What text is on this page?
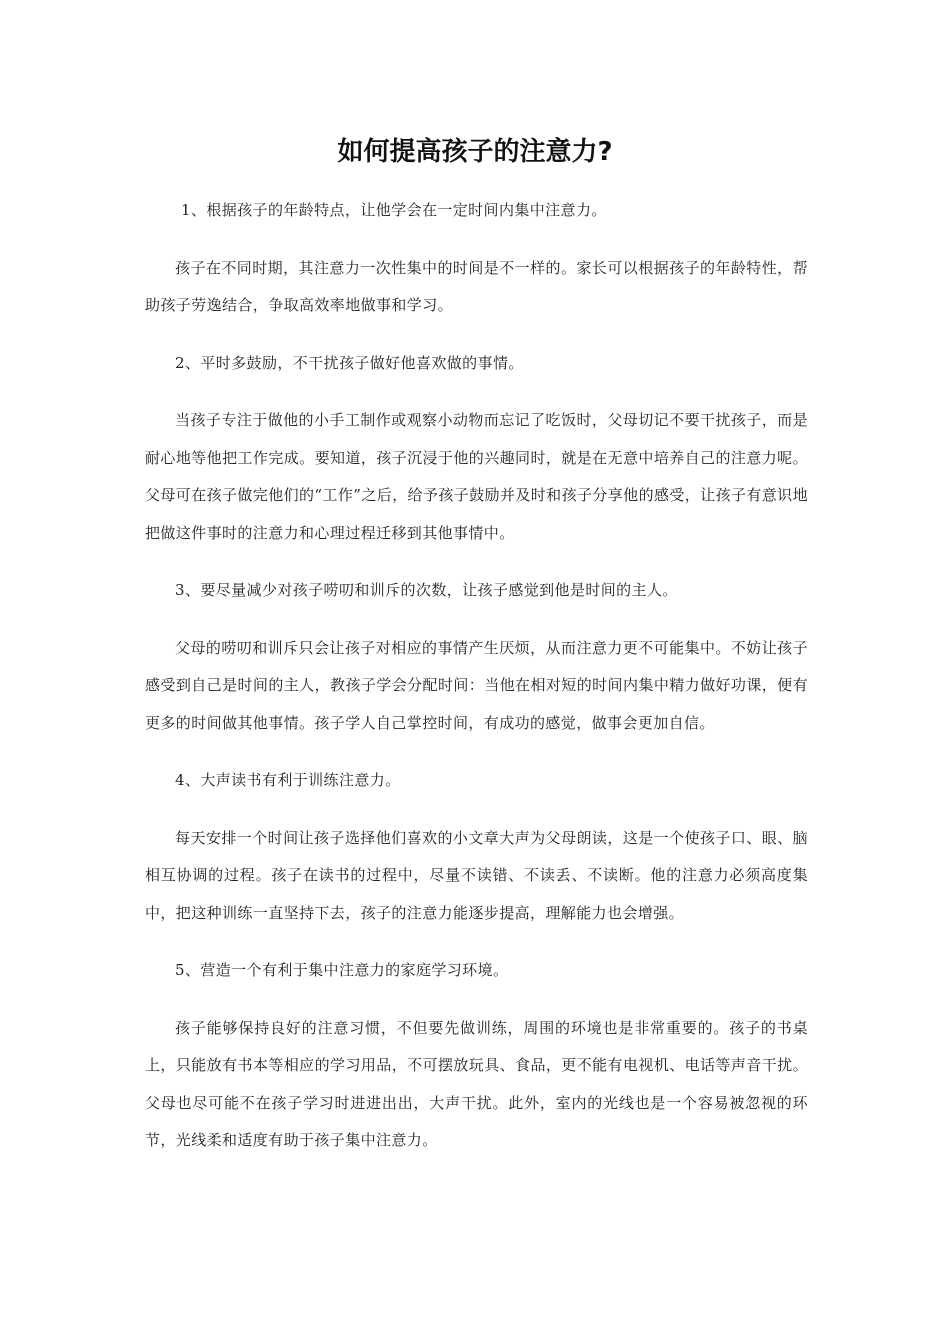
如何提高孩子的注意力?

1、根据孩子的年龄特点，让他学会在一定时间内集中注意力。

孩子在不同时期，其注意力一次性集中的时间是不一样的。家长可以根据孩子的年龄特性，帮助孩子劳逸结合，争取高效率地做事和学习。

2、平时多鼓励，不干扰孩子做好他喜欢做的事情。

当孩子专注于做他的小手工制作或观察小动物而忘记了吃饭时，父母切记不要干扰孩子，而是耐心地等他把工作完成。要知道，孩子沉浸于他的兴趣同时，就是在无意中培养自己的注意力呢。父母可在孩子做完他们的“工作”之后，给予孩子鼓励并及时和孩子分享他的感受，让孩子有意识地把做这件事时的注意力和心理过程迁移到其他事情中。

3、要尽量减少对孩子唠叨和训斥的次数，让孩子感觉到他是时间的主人。

父母的唠叨和训斥只会让孩子对相应的事情产生厌烦，从而注意力更不可能集中。不妨让孩子感受到自己是时间的主人，教孩子学会分配时间：当他在相对短的时间内集中精力做好功课，便有更多的时间做其他事情。孩子学人自己掌控时间，有成功的感觉，做事会更加自信。

4、大声读书有利于训练注意力。

每天安排一个时间让孩子选择他们喜欢的小文章大声为父母朗读，这是一个使孩子口、眼、脑相互协调的过程。孩子在读书的过程中，尽量不读错、不读丢、不读断。他的注意力必须高度集中，把这种训练一直坚持下去，孩子的注意力能逐步提高，理解能力也会增强。

5、营造一个有利于集中注意力的家庭学习环境。

孩子能够保持良好的注意习惯，不但要先做训练，周围的环境也是非常重要的。孩子的书桌上，只能放有书本等相应的学习用品，不可摆放玩具、食品，更不能有电视机、电话等声音干扰。父母也尽可能不在孩子学习时进进出出，大声干扰。此外，室内的光线也是一个容易被忽视的环节，光线柔和适度有助于孩子集中注意力。
